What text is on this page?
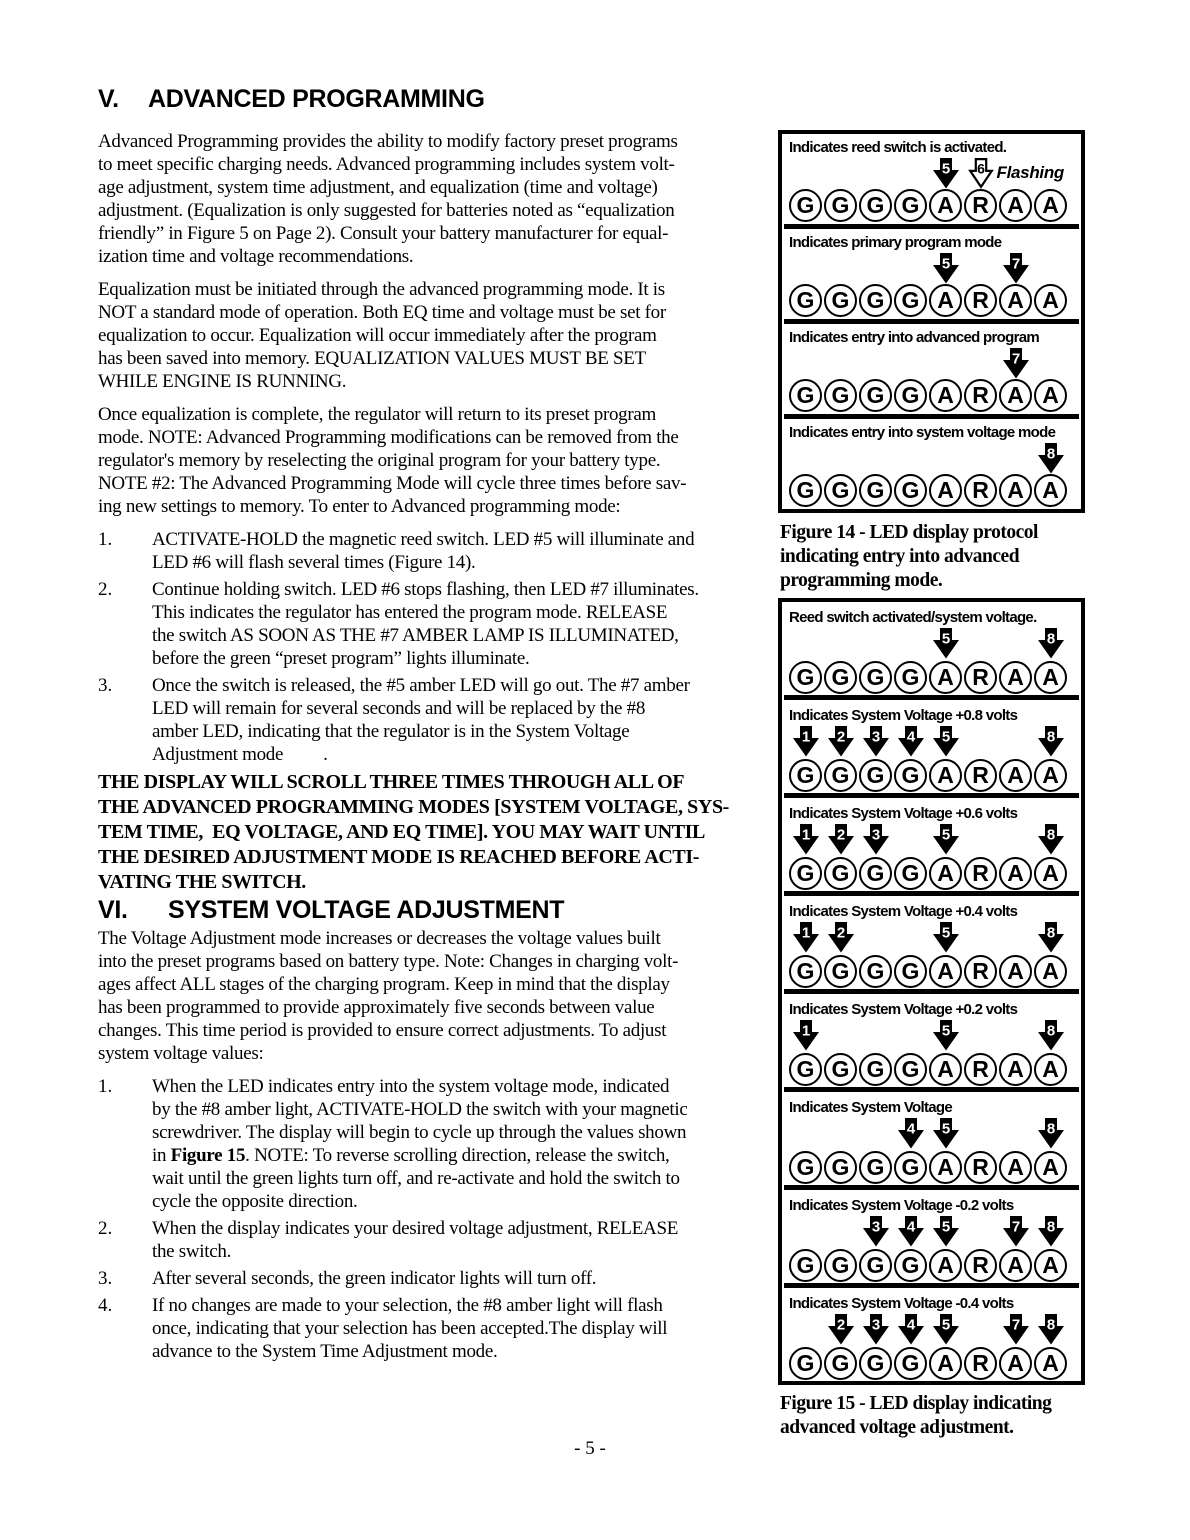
V.	ADVANCED PROGRAMMING
Advanced Programming provides the ability to modify factory preset programs
to meet specific charging needs. Advanced programming includes system volt-
age adjustment, system time adjustment, and equalization (time and voltage)
adjustment. (Equalization is only suggested for batteries noted as “equalization
friendly” in Figure 5 on Page 2). Consult your battery manufacturer for equal-
ization time and voltage recommendations.
Equalization must be initiated through the advanced programming mode. It is
NOT a standard mode of operation. Both EQ time and voltage must be set for
equalization to occur. Equalization will occur immediately after the program
has been saved into memory. EQUALIZATION VALUES MUST BE SET
WHILE ENGINE IS RUNNING.
Once equalization is complete, the regulator will return to its preset program
mode. NOTE: Advanced Programming modifications can be removed from the
regulator's memory by reselecting the original program for your battery type.
NOTE #2: The Advanced Programming Mode will cycle three times before sav-
ing new settings to memory. To enter to Advanced programming mode:
1.	ACTIVATE-HOLD the magnetic reed switch. LED #5 will illuminate and
LED #6 will flash several times (Figure 14).
2.	Continue holding switch. LED #6 stops flashing, then LED #7 illuminates.
This indicates the regulator has entered the program mode. RELEASE
the switch AS SOON AS THE #7 AMBER LAMP IS ILLUMINATED,
before the green “preset program” lights illuminate.
3.	Once the switch is released, the #5 amber LED will go out. The #7 amber
LED will remain for several seconds and will be replaced by the #8
amber LED, indicating that the regulator is in the System Voltage
Adjustment mode         .
THE DISPLAY WILL SCROLL THREE TIMES THROUGH ALL OF
THE ADVANCED PROGRAMMING MODES [SYSTEM VOLTAGE, SYS-
TEM TIME,  EQ VOLTAGE, AND EQ TIME]. YOU MAY WAIT UNTIL
THE DESIRED ADJUSTMENT MODE IS REACHED BEFORE ACTI-
VATING THE SWITCH.
VI.	SYSTEM VOLTAGE ADJUSTMENT
The Voltage Adjustment mode increases or decreases the voltage values built
into the preset programs based on battery type. Note: Changes in charging volt-
ages affect ALL stages of the charging program. Keep in mind that the display
has been programmed to provide approximately five seconds between value
changes. This time period is provided to ensure correct adjustments. To adjust
system voltage values:
1.	When the LED indicates entry into the system voltage mode, indicated
by the #8 amber light, ACTIVATE-HOLD the switch with your magnetic
screwdriver. The display will begin to cycle up through the values shown
in Figure 15. NOTE: To reverse scrolling direction, release the switch,
wait until the green lights turn off, and re-activate and hold the switch to
cycle the opposite direction.
2.	When the display indicates your desired voltage adjustment, RELEASE
the switch.
3.	After several seconds, the green indicator lights will turn off.
4.	If no changes are made to your selection, the #8 amber light will flash
once, indicating that your selection has been accepted.The display will
advance to the System Time Adjustment mode.
Indicates reed switch is activated.
5 6 Flashing
G G G G A R A A
Indicates primary program mode
5	7
G G G G A R A A
Indicates entry into advanced program
7
G G G G A R A A
Indicates entry into system voltage mode
8
G G G G A R A A
Figure 14 - LED display protocol
indicating entry into advanced
programming mode.
Reed switch activated/system voltage.
5	8
G G G G A R A A
Indicates System Voltage +0.8 volts
1 2 3 4 5	8
G G G G A R A A
Indicates System Voltage +0.6 volts
1 2 3	5	8
G G G G A R A A
Indicates System Voltage +0.4 volts
1 2	5	8
G G G G A R A A
Indicates System Voltage +0.2 volts
1	5	8
G G G G A R A A
Indicates System Voltage
4 5	8
G G G G A R A A
Indicates System Voltage -0.2 volts
3 4 5	7 8
G G G G A R A A
Indicates System Voltage -0.4 volts
2 3 4 5	7 8
G G G G A R A A
Figure 15 - LED display indicating
advanced voltage adjustment.
- 5 -
